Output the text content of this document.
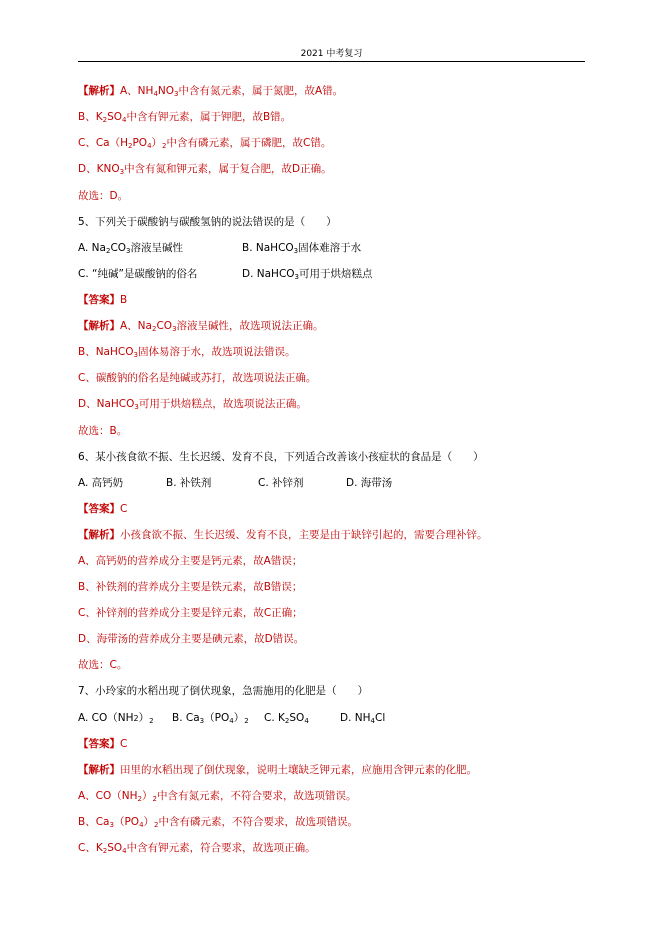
2021 中考复习
【解析】A、$NH_4NO_3$中含有氮元素，属于氮肥，故A错。
B、$K_2SO_4$中含有钾元素，属于钾肥，故B错。
C、$Ca(H_2PO_4)_2$中含有磷元素，属于磷肥，故C错。
D、$KNO_3$中含有氮和钾元素，属于复合肥，故D正确。
故选：D。
5、下列关于碳酸钠与碳酸氢钠的说法错误的是（　　）
A. $Na_2CO_3$溶液呈碱性	B. NaHCO$_3$固体难溶于水
C. “纯碱”是碳酸钠的俗名	D. NaHCO$_3$可用于烘焙糕点
【答案】B
【解析】A、$Na_2CO_3$溶液呈碱性，故选项说法正确。
B、NaHCO$_3$固体易溶于水，故选项说法错误。
C、碳酸钠的俗名是纯碱或苏打，故选项说法正确。
D、NaHCO$_3$可用于烘焙糕点，故选项说法正确。
故选：B。
6、某小孩食欲不振、生长迟缓、发育不良，下列适合改善该小孩症状的食品是（　　）
A. 高钙奶	B. 补铁剂	C. 补锌剂	D. 海带汤
【答案】C
【解析】小孩食欲不振、生长迟缓、发育不良，主要是由于缺锌引起的，需要合理补锌。
A、高钙奶的营养成分主要是钙元素，故A错误；
B、补铁剂的营养成分主要是铁元素，故B错误；
C、补锌剂的营养成分主要是锌元素，故C正确；
D、海带汤的营养成分主要是碘元素，故D错误。
故选：C。
7、小玲家的水稻出现了倒伏现象，急需施用的化肥是（　　）
A. $CO(NH2)_2$ B. $Ca_3(PO_4)_2$ C. $K_2SO_4$	D. $NH_4Cl$
【答案】C
【解析】田里的水稻出现了倒伏现象，说明土壤缺乏钾元素，应施用含钾元素的化肥。
A、$CO(NH_2)_2$中含有氮元素，不符合要求，故选项错误。
B、$Ca_3(PO_4)_2$中含有磷元素，不符合要求，故选项错误。
C、$K_2SO_4$中含有钾元素，符合要求，故选项正确。
